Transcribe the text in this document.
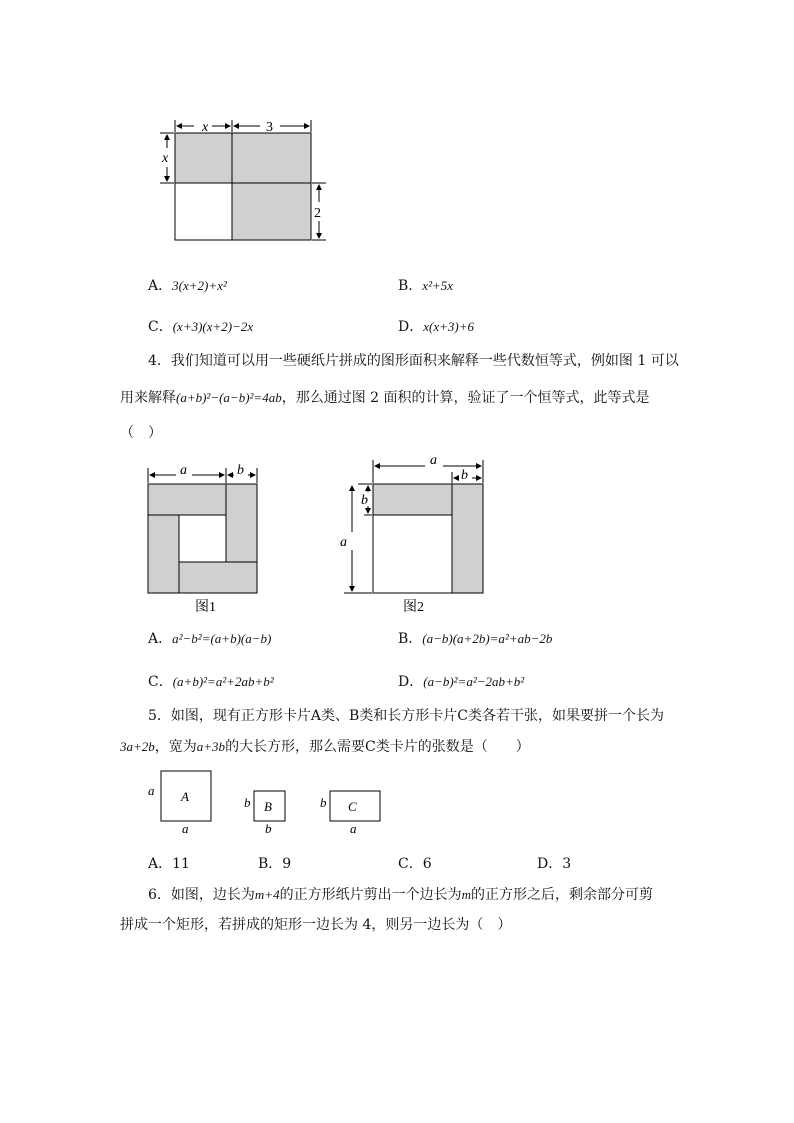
x	3
x
2
A．3(x+2)+x²	B．x²+5x
C．(x+3)(x+2)−2x	D．x(x+3)+6
4．我们知道可以用一些硬纸片拼成的图形面积来解释一些代数恒等式，例如图 1 可以
用来解释(a+b)²−(a−b)²=4ab，那么通过图 2 面积的计算，验证了一个恒等式，此等式是
（　）
a	b
图1
a
b
b
a
图2
A．a²−b²=(a+b)(a−b)	B．(a−b)(a+2b)=a²+ab−2b
C．(a+b)²=a²+2ab+b²	D．(a−b)²=a²−2ab+b²
5．如图，现有正方形卡片A类、B类和长方形卡片C类各若干张，如果要拼一个长为
3a+2b，宽为a+3b的大长方形，那么需要C类卡片的张数是（　　）
A
a
a
B
b
b
C
b
a
A．11	B．9	C．6	D．3
6．如图，边长为m+4的正方形纸片剪出一个边长为m的正方形之后，剩余部分可剪
拼成一个矩形，若拼成的矩形一边长为 4，则另一边长为（　）
